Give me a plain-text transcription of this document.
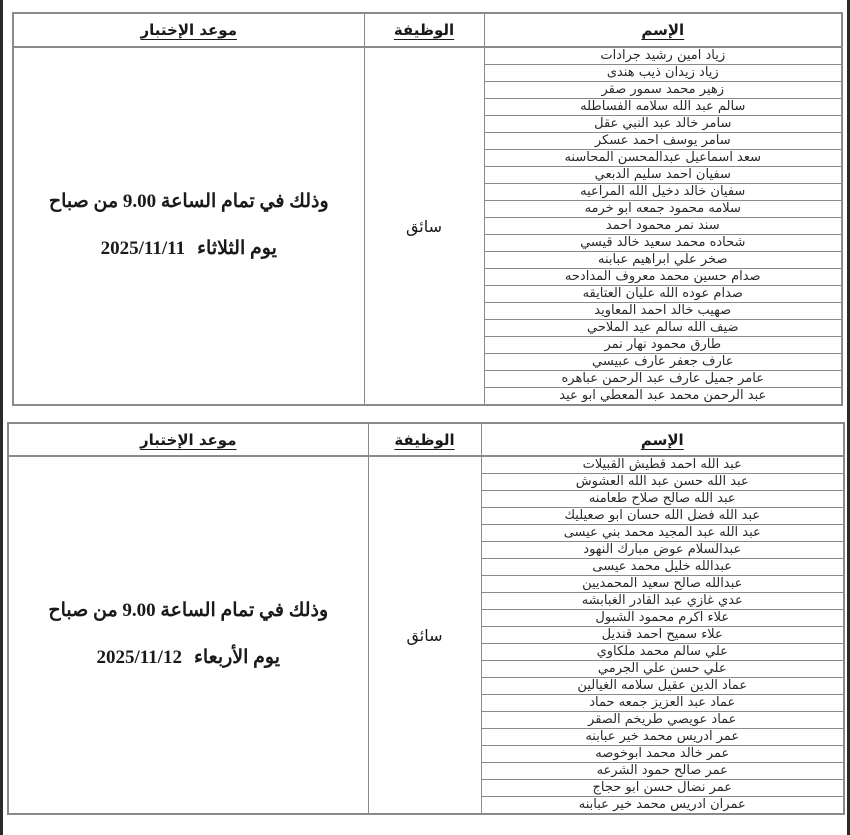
الإسم	الوظيفة	موعد الإختبار
زياد امين رشيد جرادات	سائق	وذلك في تمام الساعة 9.00 من صباح
يوم الثلاثاء2025/11/11

زياد زيدان ذيب هندى		
زهير محمد سمور صقر		
سالم عبد الله سلامه الفساطله		
سامر خالد عبد النبي عقل		
سامر يوسف احمد عسكر		
سعد اسماعيل عبدالمحسن المحاسنه		
سفيان احمد سليم الدبعي		
سفيان خالد دخيل الله المراعيه		
سلامه محمود جمعه ابو خرمه		
سند نمر محمود احمد		
شحاده محمد سعيد خالد قيسي		
صخر علي ابراهيم عبابنه		
صدام حسين محمد معروف المدادحه		
صدام عوده الله عليان العتايقه		
صهيب خالد احمد المعاويد		
ضيف الله سالم عيد الملاحي		
طارق محمود نهار نمر		
عارف جعفر عارف عبيسي		
عامر جميل عارف عبد الرحمن عباهره		
عبد الرحمن محمد عبد المعطي ابو عيد		
الإسم	الوظيفة	موعد الإختبار
عبد الله احمد قطيش القبيلات	سائق	وذلك في تمام الساعة 9.00 من صباح
يوم الأربعاء2025/11/12

عبد الله حسن عبد الله العشوش		
عبد الله صالح صلاح طعامنه		
عبد الله فضل الله حسان ابو صعيليك		
عبد الله عبد المجيد محمد بني عيسى		
عبدالسلام عوض مبارك النهود		
عبدالله خليل محمد عيسى		
عبدالله صالح سعيد المحمديين		
عدي غازي عبد القادر الغبابشه		
علاء اكرم محمود الشبول		
علاء سميح احمد قنديل		
علي سالم محمد ملكاوي		
علي حسن علي الجرمي		
عماد الدين عقيل سلامه الغيالين		
عماد عبد العزيز جمعه حماد		
عماد عويصي طريخم الصقر		
عمر ادريس محمد خير عبابنه		
عمر خالد محمد ابوخوصه		
عمر صالح حمود الشرعه		
عمر نضال حسن ابو حجاج		
عمران ادريس محمد خير عبابنه		
